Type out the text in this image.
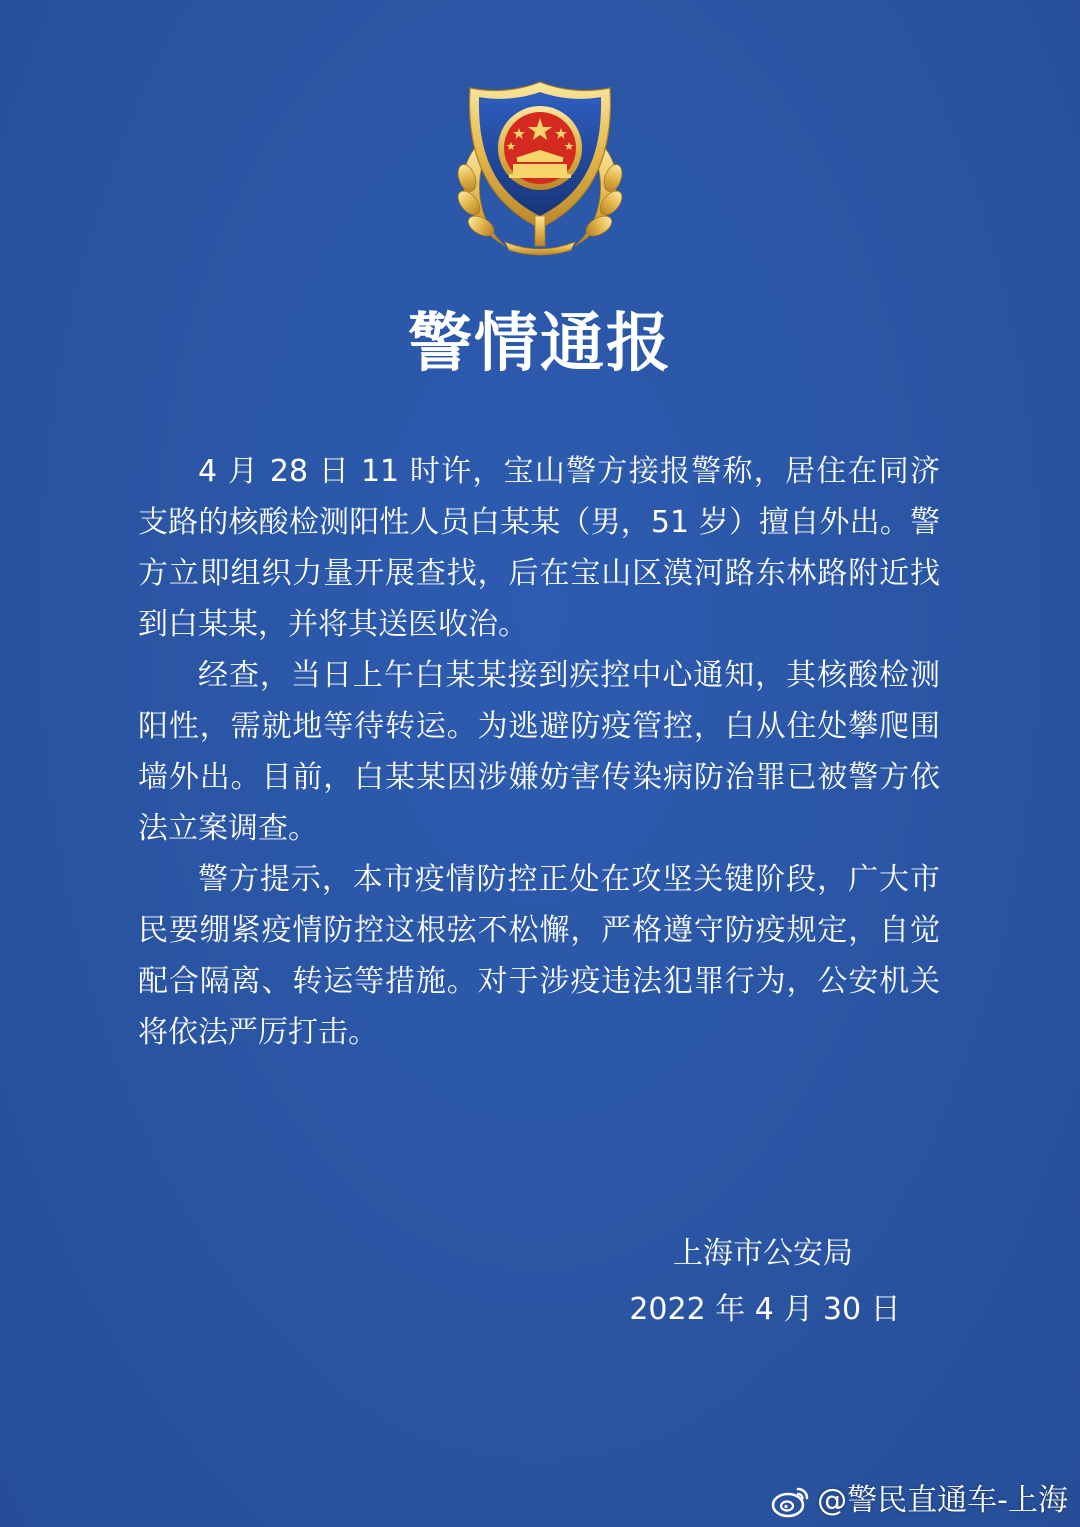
警情通报

4 月 28 日 11 时许，宝山警方接报警称，居住在同济支路的核酸检测阳性人员白某某（男，51 岁）擅自外出。警方立即组织力量开展查找，后在宝山区漠河路东林路附近找到白某某，并将其送医收治。

经查，当日上午白某某接到疾控中心通知，其核酸检测阳性，需就地等待转运。为逃避防疫管控，白从住处攀爬围墙外出。目前，白某某因涉嫌妨害传染病防治罪已被警方依法立案调查。

警方提示，本市疫情防控正处在攻坚关键阶段，广大市民要绷紧疫情防控这根弦不松懈，严格遵守防疫规定，自觉配合隔离、转运等措施。对于涉疫违法犯罪行为，公安机关将依法严厉打击。

上海市公安局
2022 年 4 月 30 日
@警民直通车-上海
